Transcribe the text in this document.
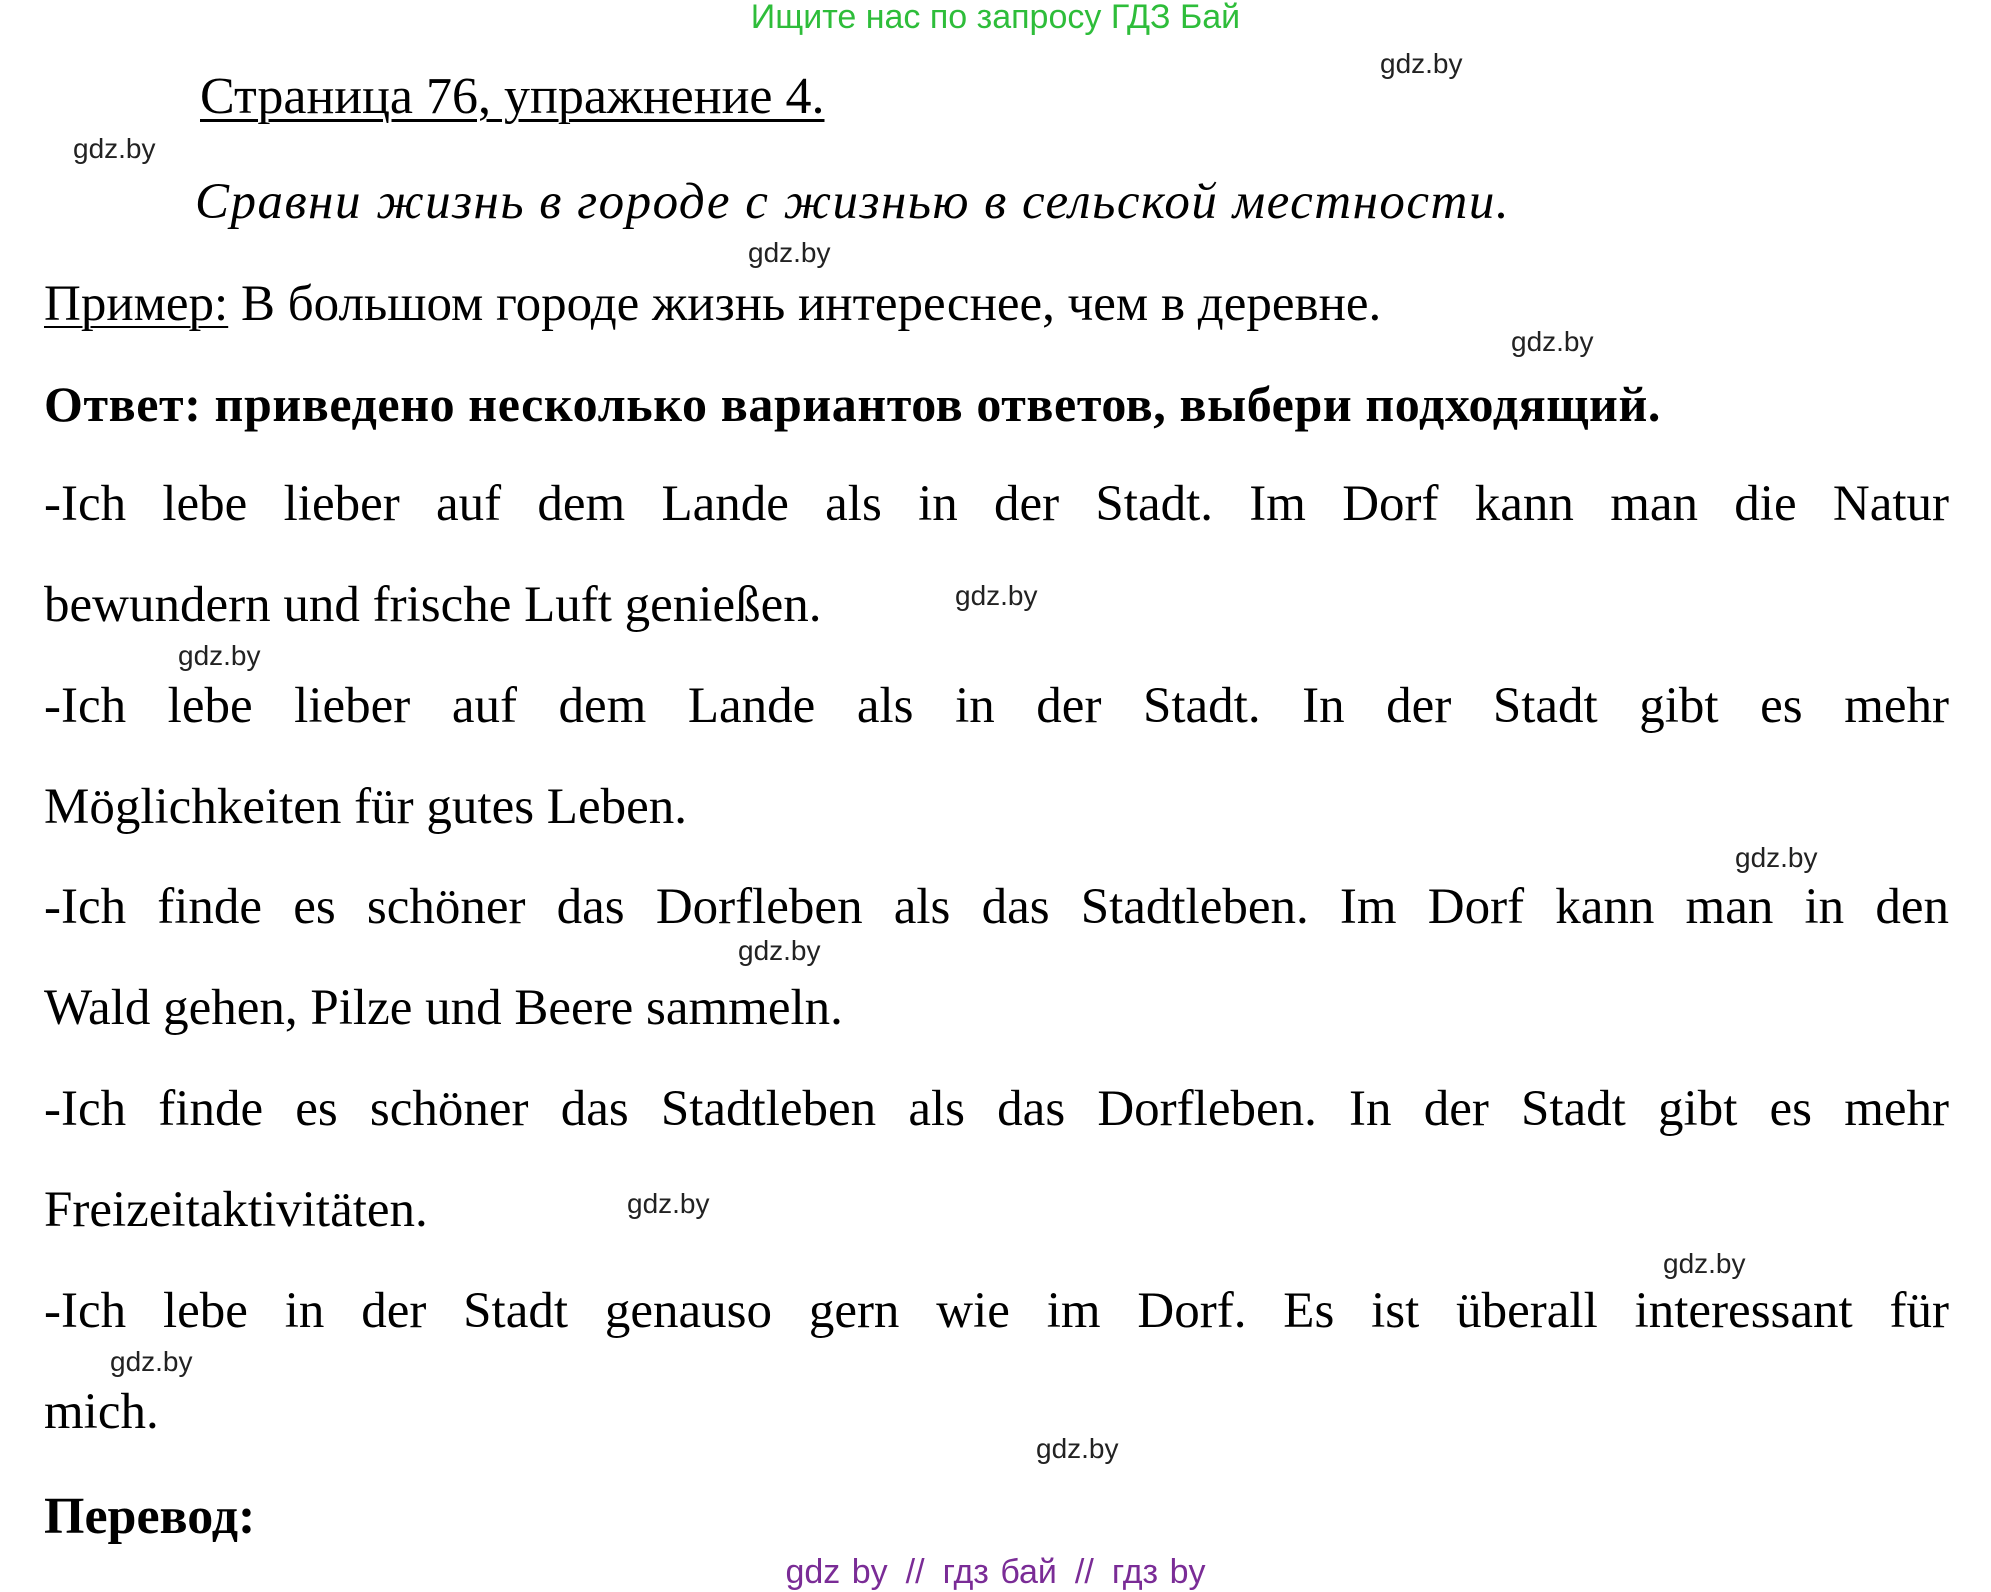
Ищите нас по запросу ГДЗ Бай
Страница 76, упражнение 4.
Сравни жизнь в городе с жизнью в сельской местности.
Пример: В большом городе жизнь интереснее, чем в деревне.
Ответ: приведено несколько вариантов ответов, выбери подходящий.
-Ich lebe lieber auf dem Lande als in der Stadt. Im Dorf kann man die Natur
bewundern und frische Luft genießen.
-Ich lebe lieber auf dem Lande als in der Stadt. In der Stadt gibt es mehr
Möglichkeiten für gutes Leben.
-Ich finde es schöner das Dorfleben als das Stadtleben. Im Dorf kann man in den
Wald gehen, Pilze und Beere sammeln.
-Ich finde es schöner das Stadtleben als das Dorfleben. In der Stadt gibt es mehr
Freizeitaktivitäten.
-Ich lebe in der Stadt genauso gern wie im Dorf. Es ist überall interessant für
mich.
Перевод:
gdz.by
gdz.by
gdz.by
gdz.by
gdz.by
gdz.by
gdz.by
gdz.by
gdz.by
gdz.by
gdz.by
gdz.by
gdz by // гдз бай // гдз by
